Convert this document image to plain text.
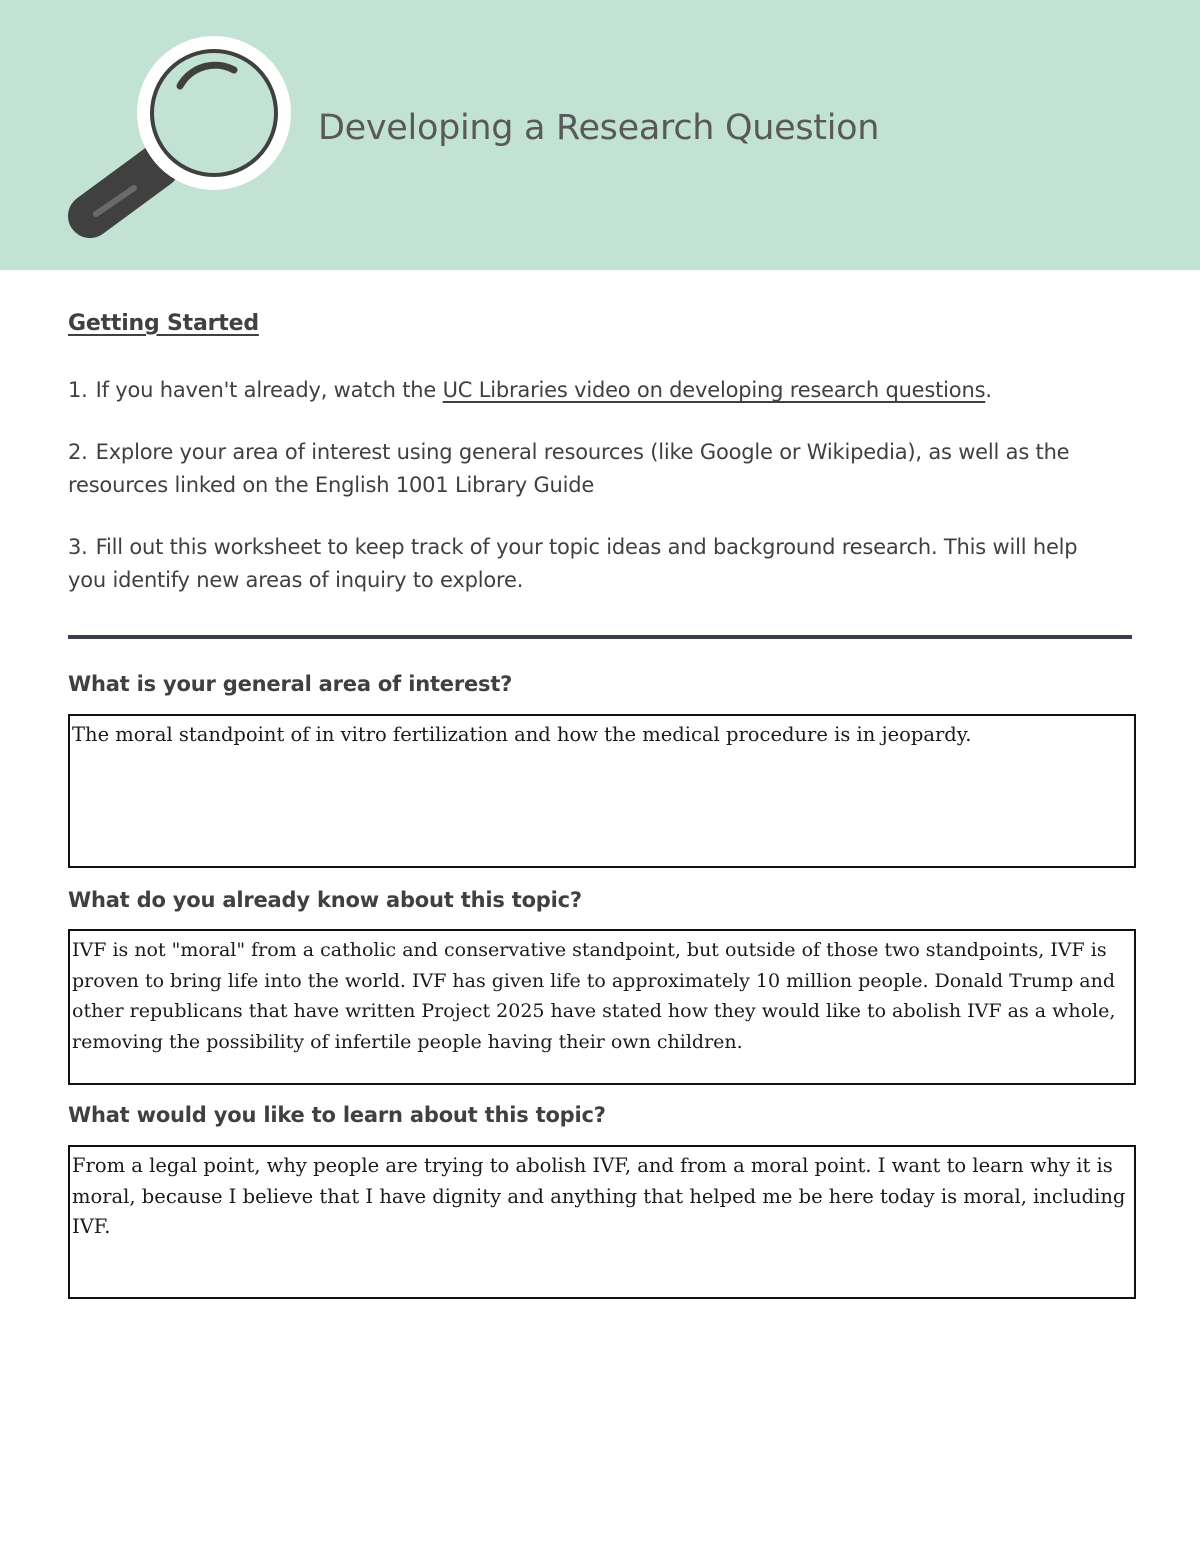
Developing a Research Question
Getting Started
1. If you haven't already, watch the UC Libraries video on developing research questions.
2. Explore your area of interest using general resources (like Google or Wikipedia), as well as the resources linked on the English 1001 Library Guide
3. Fill out this worksheet to keep track of your topic ideas and background research. This will help you identify new areas of inquiry to explore.
What is your general area of interest?
The moral standpoint of in vitro fertilization and how the medical procedure is in jeopardy.
What do you already know about this topic?
IVF is not "moral" from a catholic and conservative standpoint, but outside of those two standpoints, IVF is proven to bring life into the world. IVF has given life to approximately 10 million people. Donald Trump and other republicans that have written Project 2025 have stated how they would like to abolish IVF as a whole, removing the possibility of infertile people having their own children.
What would you like to learn about this topic?
From a legal point, why people are trying to abolish IVF, and from a moral point. I want to learn why it is moral, because I believe that I have dignity and anything that helped me be here today is moral, including IVF.
